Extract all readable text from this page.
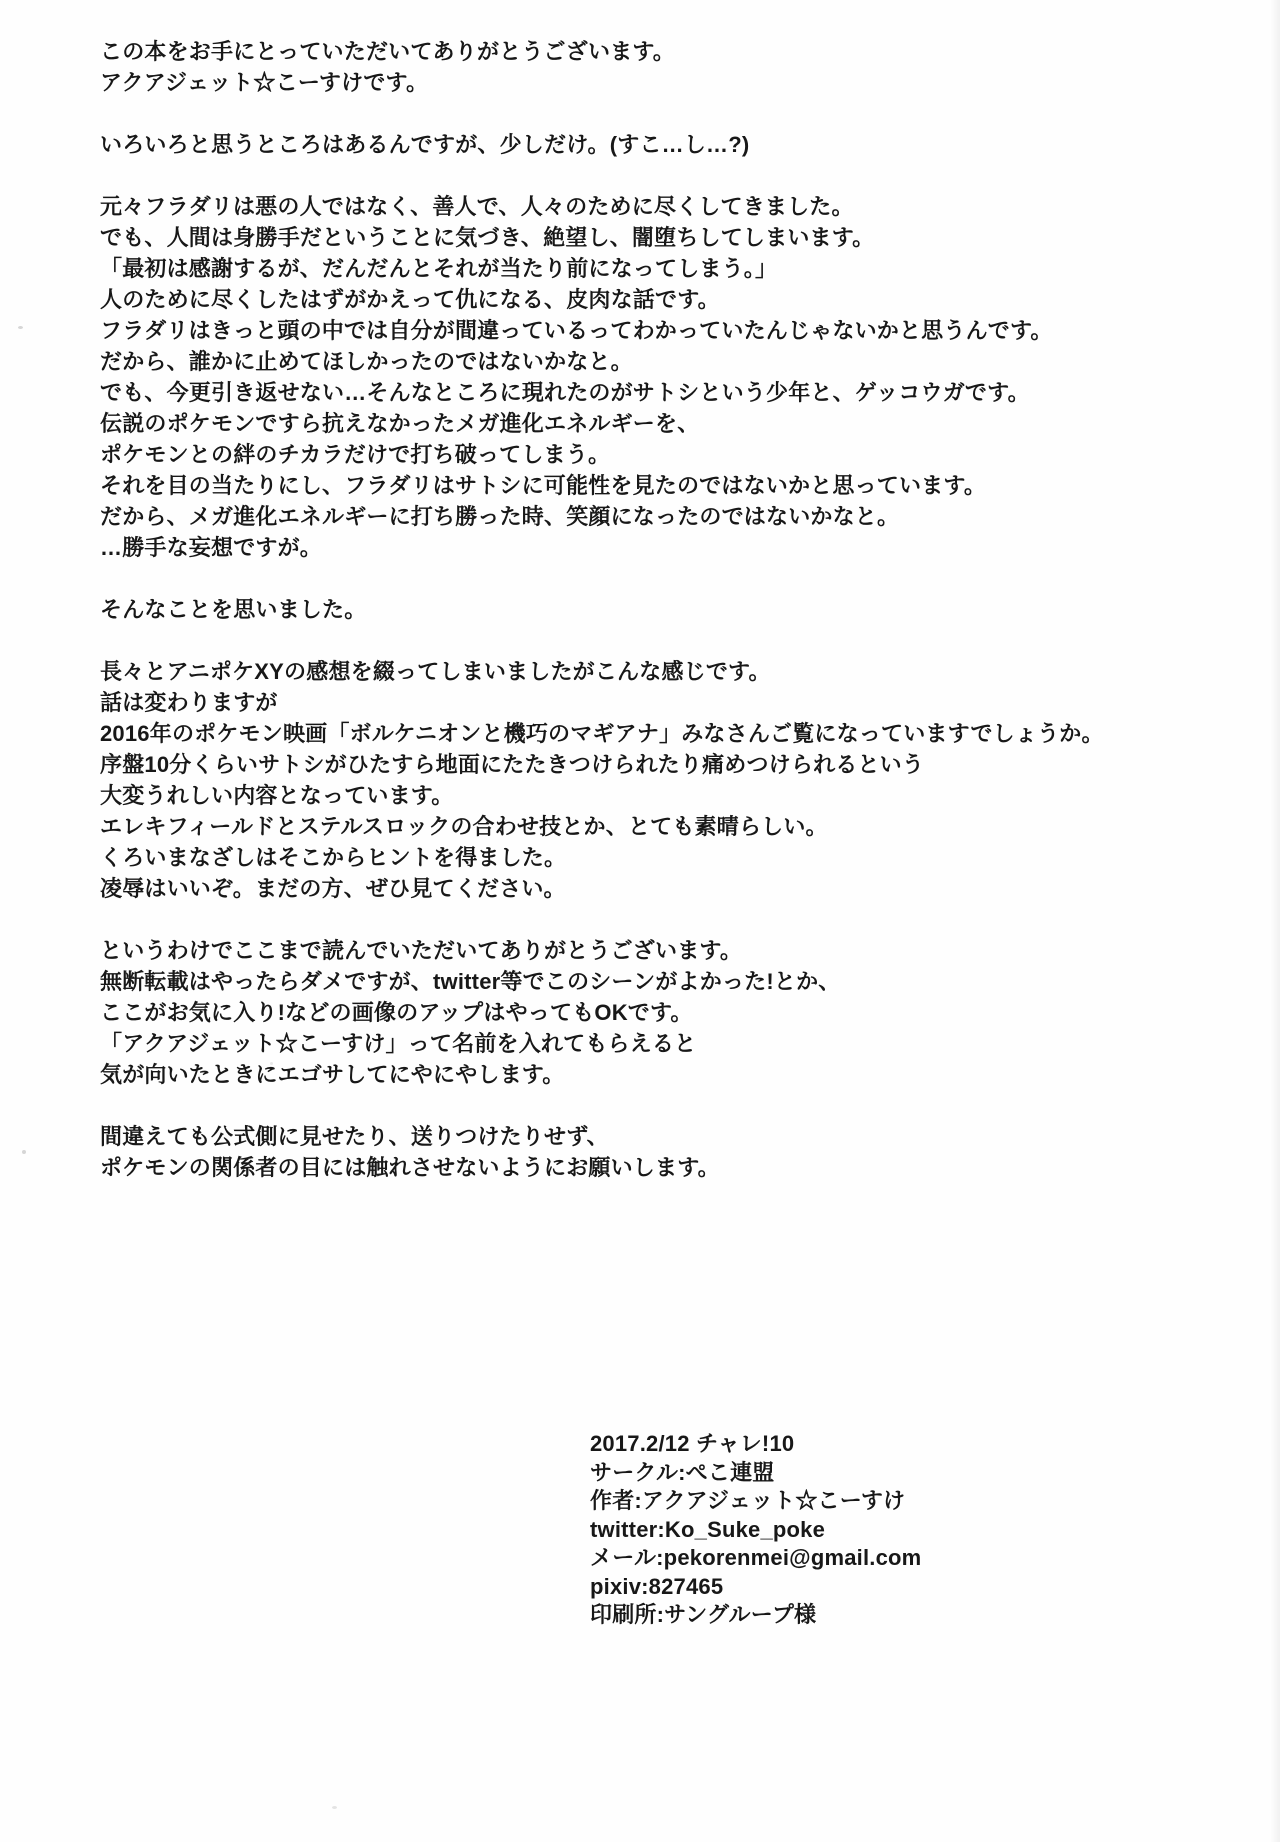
この本をお手にとっていただいてありがとうございます。
アクアジェット☆こーすけです。
いろいろと思うところはあるんですが、少しだけ。(すこ…し…?)
元々フラダリは悪の人ではなく、善人で、人々のために尽くしてきました。
でも、人間は身勝手だということに気づき、絶望し、闇堕ちしてしまいます。
「最初は感謝するが、だんだんとそれが当たり前になってしまう。」
人のために尽くしたはずがかえって仇になる、皮肉な話です。
フラダリはきっと頭の中では自分が間違っているってわかっていたんじゃないかと思うんです。
だから、誰かに止めてほしかったのではないかなと。
でも、今更引き返せない…そんなところに現れたのがサトシという少年と、ゲッコウガです。
伝説のポケモンですら抗えなかったメガ進化エネルギーを、
ポケモンとの絆のチカラだけで打ち破ってしまう。
それを目の当たりにし、フラダリはサトシに可能性を見たのではないかと思っています。
だから、メガ進化エネルギーに打ち勝った時、笑顔になったのではないかなと。
…勝手な妄想ですが。
そんなことを思いました。
長々とアニポケXYの感想を綴ってしまいましたがこんな感じです。
話は変わりますが
2016年のポケモン映画「ボルケニオンと機巧のマギアナ」みなさんご覧になっていますでしょうか。
序盤10分くらいサトシがひたすら地面にたたきつけられたり痛めつけられるという
大変うれしい内容となっています。
エレキフィールドとステルスロックの合わせ技とか、とても素晴らしい。
くろいまなざしはそこからヒントを得ました。
凌辱はいいぞ。まだの方、ぜひ見てください。
というわけでここまで読んでいただいてありがとうございます。
無断転載はやったらダメですが、twitter等でこのシーンがよかった!とか、
ここがお気に入り!などの画像のアップはやってもOKです。
「アクアジェット☆こーすけ」って名前を入れてもらえると
気が向いたときにエゴサしてにやにやします。
間違えても公式側に見せたり、送りつけたりせず、
ポケモンの関係者の目には触れさせないようにお願いします。
2017.2/12 チャレ!10
サークル:ぺこ連盟
作者:アクアジェット☆こーすけ
twitter:Ko_Suke_poke
メール:pekorenmei@gmail.com
pixiv:827465
印刷所:サングループ様
